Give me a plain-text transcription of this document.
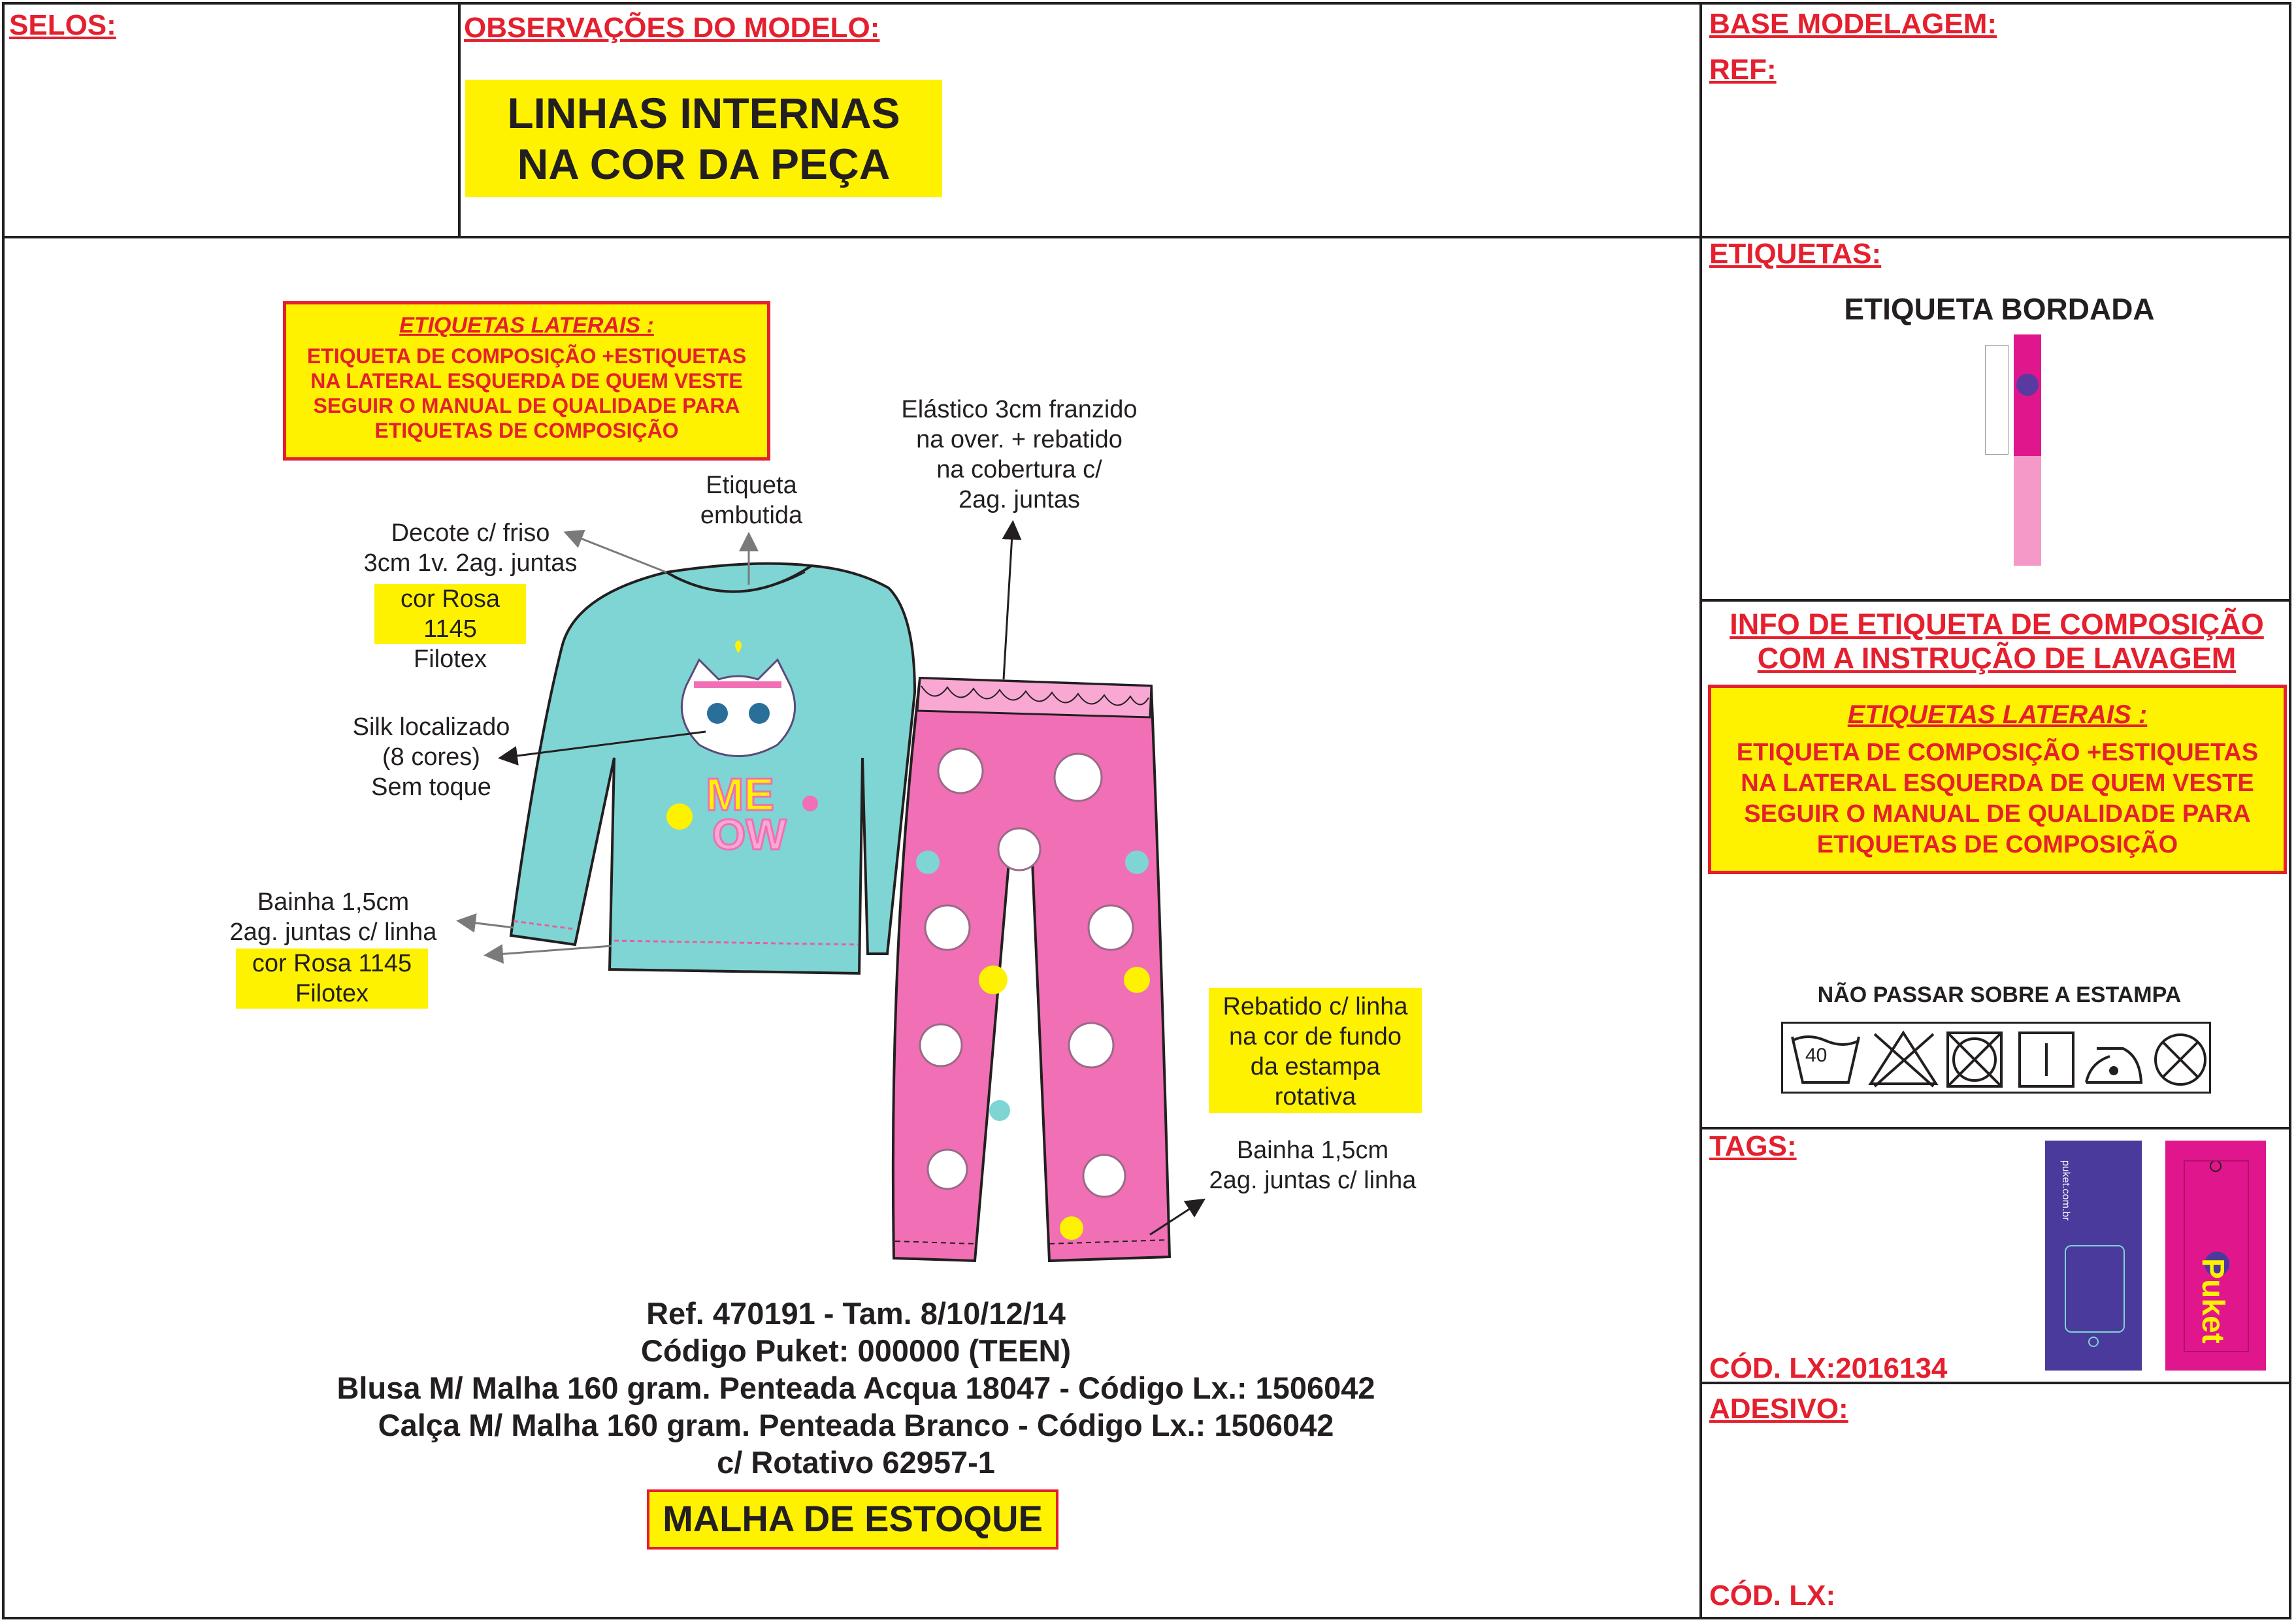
SELOS:	OBSERVAÇÕES DO MODELO:
LINHAS INTERNAS
NA COR DA PEÇA
BASE MODELAGEM:
REF:
ETIQUETAS LATERAIS :
ETIQUETA DE COMPOSIÇÃO +ESTIQUETAS
NA LATERAL ESQUERDA DE QUEM VESTE
SEGUIR O MANUAL DE QUALIDADE PARA
ETIQUETAS DE COMPOSIÇÃO
ME
OW
Etiqueta
embutida
Decote c/ friso
3cm 1v. 2ag. juntas
cor Rosa 1145
Filotex
Elástico 3cm franzido
na over. + rebatido
na cobertura c/
2ag. juntas
Silk localizado
(8 cores)
Sem toque
Bainha 1,5cm
2ag. juntas c/ linha
cor Rosa 1145
Filotex	Rebatido c/ linha
na cor de fundo
da estampa
rotativa
Bainha 1,5cm
2ag. juntas c/ linha
Ref. 470191 - Tam. 8/10/12/14
Código Puket: 000000 (TEEN)
Blusa M/ Malha 160 gram. Penteada Acqua 18047 - Código Lx.: 1506042
Calça M/ Malha 160 gram. Penteada Branco - Código Lx.: 1506042
c/ Rotativo 62957-1
MALHA DE ESTOQUE
ETIQUETAS:
ETIQUETA BORDADA
INFO DE ETIQUETA DE COMPOSIÇÃO
COM A INSTRUÇÃO DE LAVAGEM
ETIQUETAS LATERAIS :
ETIQUETA DE COMPOSIÇÃO +ESTIQUETAS
NA LATERAL ESQUERDA DE QUEM VESTE
SEGUIR O MANUAL DE QUALIDADE PARA
ETIQUETAS DE COMPOSIÇÃO
NÃO PASSAR SOBRE A ESTAMPA
40
TAGS:
CÓD. LX:2016134
puket.com.br
Puket
ADESIVO:
CÓD. LX:
